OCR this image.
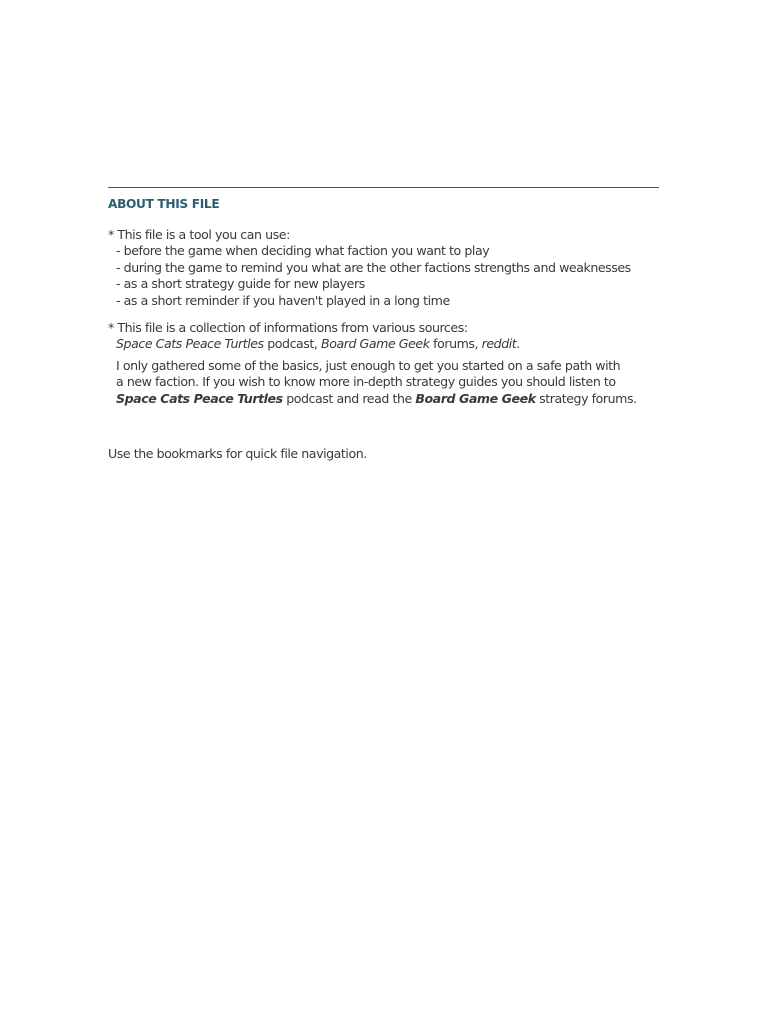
ABOUT THIS FILE
* This file is a tool you can use:
- before the game when deciding what faction you want to play
- during the game to remind you what are the other factions strengths and weaknesses
- as a short strategy guide for new players
- as a short reminder if you haven't played in a long time
* This file is a collection of informations from various sources:
Space Cats Peace Turtles podcast, Board Game Geek forums, reddit.
I only gathered some of the basics, just enough to get you started on a safe path with
a new faction. If you wish to know more in-depth strategy guides you should listen to
Space Cats Peace Turtles podcast and read the Board Game Geek strategy forums.
Use the bookmarks for quick file navigation.
